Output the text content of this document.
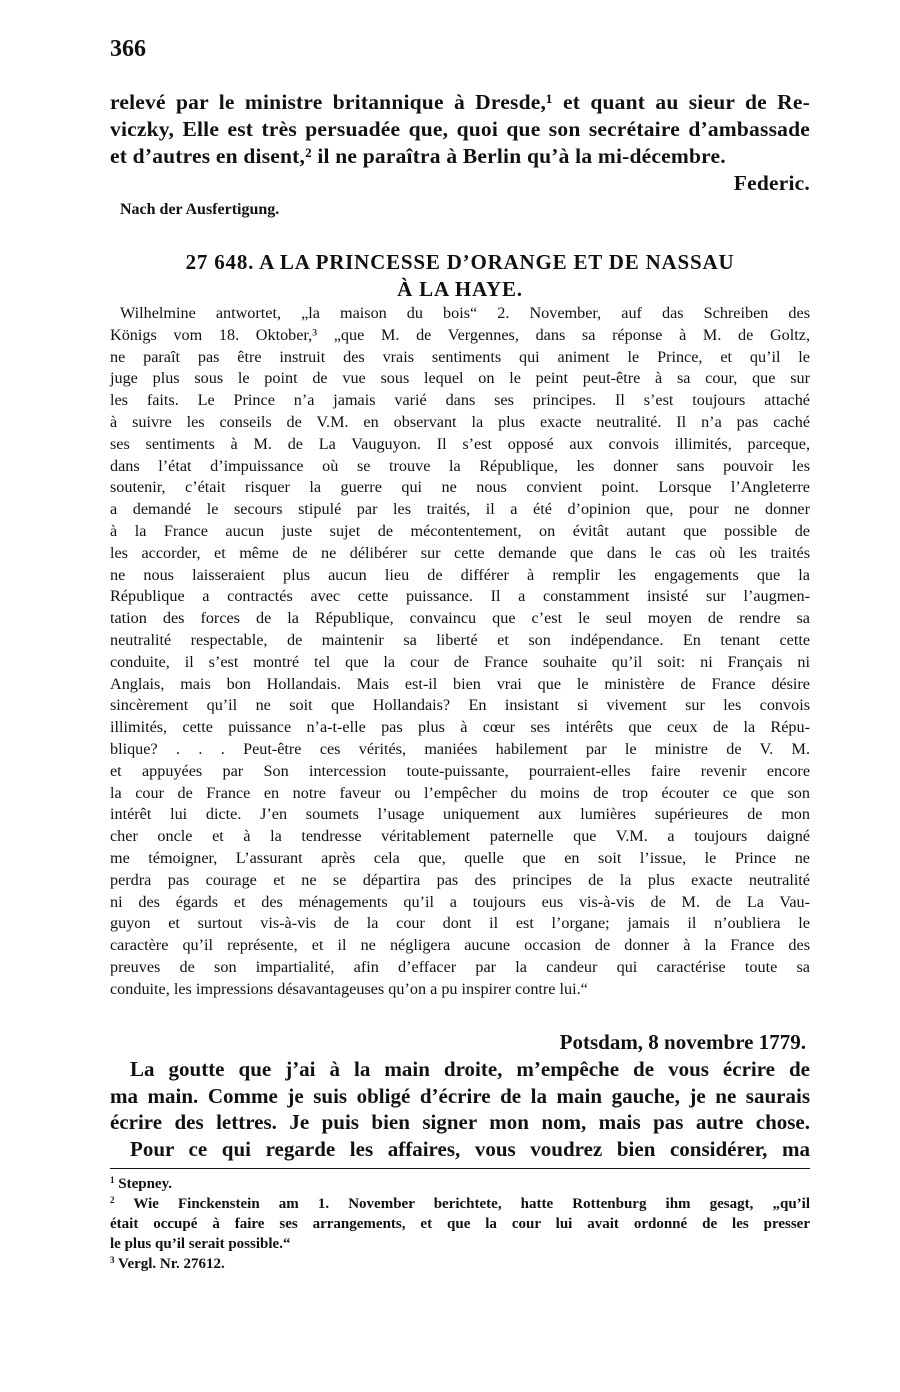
366
relevé par le ministre britannique à Dresde,¹ et quant au sieur de Re-
viczky, Elle est très persuadée que, quoi que son secrétaire d’ambassade
et d’autres en disent,² il ne paraîtra à Berlin qu’à la mi-décembre.
Federic.
Nach der Ausfertigung.
27 648. A LA PRINCESSE D’ORANGE ET DE NASSAU
À LA HAYE.
Wilhelmine antwortet, „la maison du bois“ 2. November, auf das Schreiben des
Königs vom 18. Oktober,³ „que M. de Vergennes, dans sa réponse à M. de Goltz,
ne paraît pas être instruit des vrais sentiments qui animent le Prince, et qu’il le
juge plus sous le point de vue sous lequel on le peint peut-être à sa cour, que sur
les faits. Le Prince n’a jamais varié dans ses principes. Il s’est toujours attaché
à suivre les conseils de V.M. en observant la plus exacte neutralité. Il n’a pas caché
ses sentiments à M. de La Vauguyon. Il s’est opposé aux convois illimités, parceque,
dans l’état d’impuissance où se trouve la République, les donner sans pouvoir les
soutenir, c’était risquer la guerre qui ne nous convient point. Lorsque l’Angleterre
a demandé le secours stipulé par les traités, il a été d’opinion que, pour ne donner
à la France aucun juste sujet de mécontentement, on évitât autant que possible de
les accorder, et même de ne délibérer sur cette demande que dans le cas où les traités
ne nous laisseraient plus aucun lieu de différer à remplir les engagements que la
République a contractés avec cette puissance. Il a constamment insisté sur l’augmen-
tation des forces de la République, convaincu que c’est le seul moyen de rendre sa
neutralité respectable, de maintenir sa liberté et son indépendance. En tenant cette
conduite, il s’est montré tel que la cour de France souhaite qu’il soit: ni Français ni
Anglais, mais bon Hollandais. Mais est-il bien vrai que le ministère de France désire
sincèrement qu’il ne soit que Hollandais? En insistant si vivement sur les convois
illimités, cette puissance n’a-t-elle pas plus à cœur ses intérêts que ceux de la Répu-
blique? . . . Peut-être ces vérités, maniées habilement par le ministre de V. M.
et appuyées par Son intercession toute-puissante, pourraient-elles faire revenir encore
la cour de France en notre faveur ou l’empêcher du moins de trop écouter ce que son
intérêt lui dicte. J’en soumets l’usage uniquement aux lumières supérieures de mon
cher oncle et à la tendresse véritablement paternelle que V.M. a toujours daigné
me témoigner, L’assurant après cela que, quelle que en soit l’issue, le Prince ne
perdra pas courage et ne se départira pas des principes de la plus exacte neutralité
ni des égards et des ménagements qu’il a toujours eus vis-à-vis de M. de La Vau-
guyon et surtout vis-à-vis de la cour dont il est l’organe; jamais il n’oubliera le
caractère qu’il représente, et il ne négligera aucune occasion de donner à la France des
preuves de son impartialité, afin d’effacer par la candeur qui caractérise toute sa
conduite, les impressions désavantageuses qu’on a pu inspirer contre lui.“
Potsdam, 8 novembre 1779.
La goutte que j’ai à la main droite, m’empêche de vous écrire de
ma main. Comme je suis obligé d’écrire de la main gauche, je ne saurais
écrire des lettres. Je puis bien signer mon nom, mais pas autre chose.
Pour ce qui regarde les affaires, vous voudrez bien considérer, ma
$^1$ Stepney.
$^2$ Wie Finckenstein am 1. November berichtete, hatte Rottenburg ihm gesagt, „qu’il
était occupé à faire ses arrangements, et que la cour lui avait ordonné de les presser
le plus qu’il serait possible.“
$^3$ Vergl. Nr. 27612.
